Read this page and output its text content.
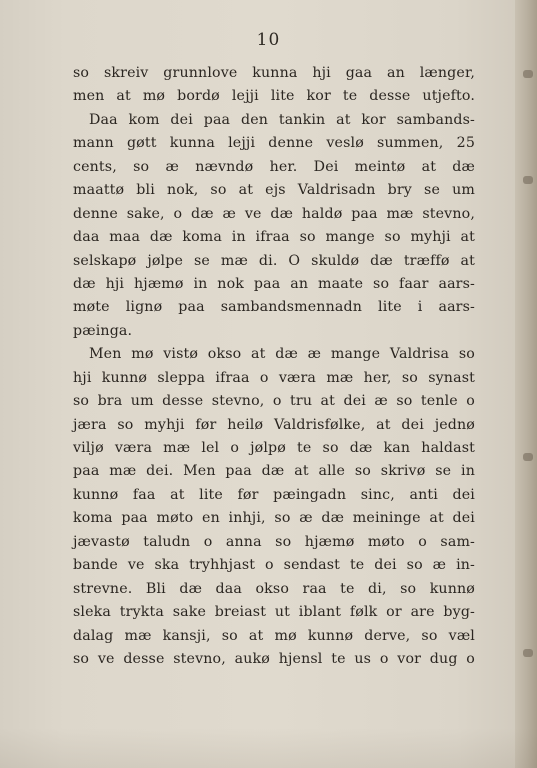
10
so skreiv grunnlove kunna hji gaa an længer,
men at mø bordø lejji lite kor te desse utjefto.
Daa kom dei paa den tankin at kor sambands-
mann gøtt kunna lejji denne veslø summen, 25
cents, so æ nævndø her. Dei meintø at dæ
maattø bli nok, so at ejs Valdrisadn bry se um
denne sake, o dæ æ ve dæ haldø paa mæ stevno,
daa maa dæ koma in ifraa so mange so myhji at
selskapø jølpe se mæ di. O skuldø dæ træffø at
dæ hji hjæmø in nok paa an maate so faar aars-
møte lignø paa sambandsmennadn lite i aars-
pæinga.
Men mø vistø okso at dæ æ mange Valdrisa so
hji kunnø sleppa ifraa o væra mæ her, so synast
so bra um desse stevno, o tru at dei æ so tenle o
jæra so myhji før heilø Valdrisfølke, at dei jednø
viljø væra mæ lel o jølpø te so dæ kan haldast
paa mæ dei. Men paa dæ at alle so skrivø se in
kunnø faa at lite før pæingadn sinc, anti dei
koma paa møto en inhji, so æ dæ meininge at dei
jævastø taludn o anna so hjæmø møto o sam-
bande ve ska tryhhjast o sendast te dei so æ in-
strevne. Bli dæ daa okso raa te di, so kunnø
sleka trykta sake breiast ut iblant følk or are byg-
dalag mæ kansji, so at mø kunnø derve, so væl
so ve desse stevno, aukø hjensl te us o vor dug o
